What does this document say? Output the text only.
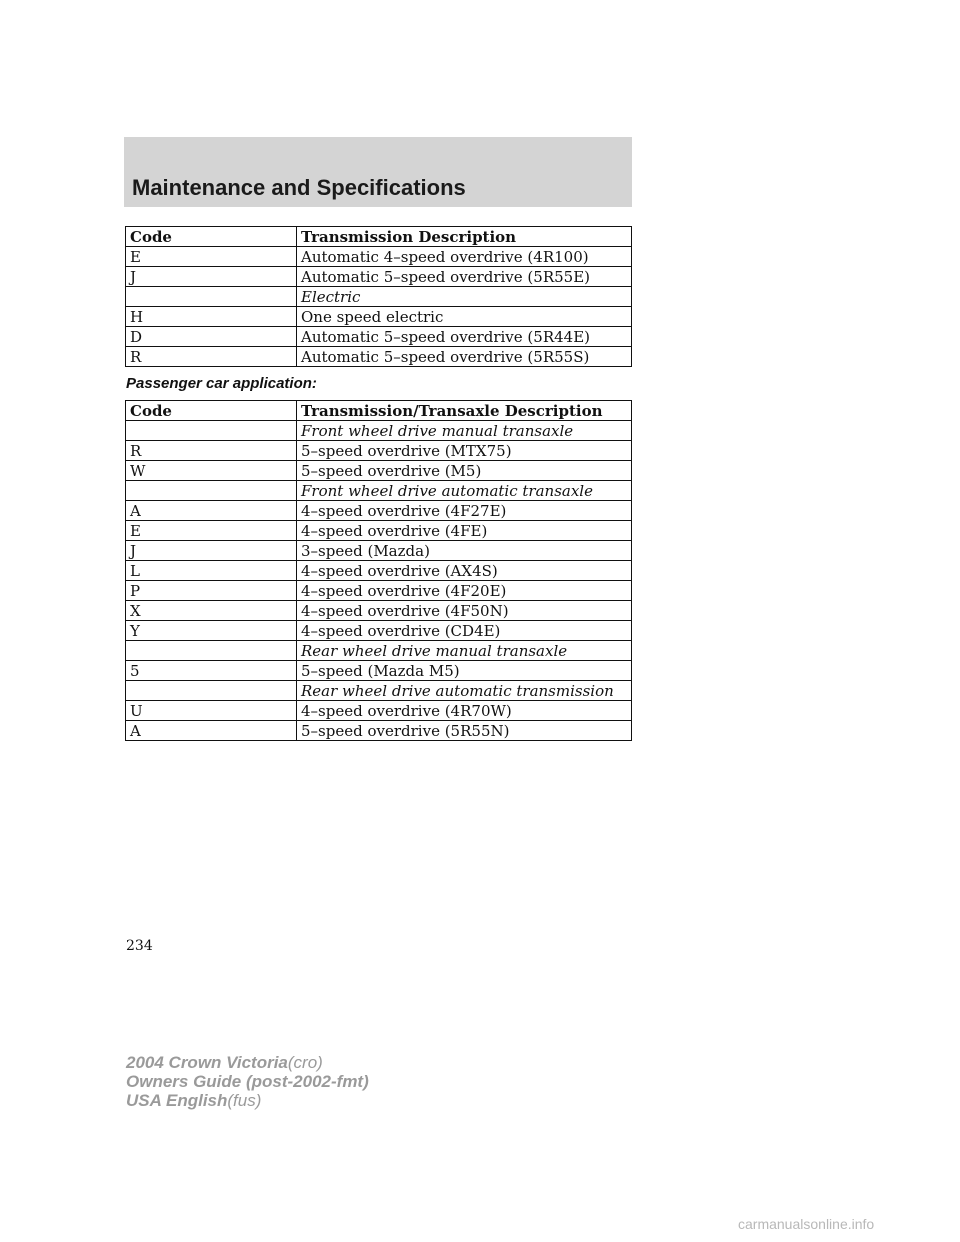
Maintenance and Specifications
Code	Transmission Description
E	Automatic 4–speed overdrive (4R100)
J	Automatic 5–speed overdrive (5R55E)
	Electric
H	One speed electric
D	Automatic 5–speed overdrive (5R44E)
R	Automatic 5–speed overdrive (5R55S)
Passenger car application:
Code	Transmission/Transaxle Description
	Front wheel drive manual transaxle
R	5–speed overdrive (MTX75)
W	5–speed overdrive (M5)
	Front wheel drive automatic transaxle
A	4–speed overdrive (4F27E)
E	4–speed overdrive (4FE)
J	3–speed (Mazda)
L	4–speed overdrive (AX4S)
P	4–speed overdrive (4F20E)
X	4–speed overdrive (4F50N)
Y	4–speed overdrive (CD4E)
	Rear wheel drive manual transaxle
5	5–speed (Mazda M5)
	Rear wheel drive automatic transmission
U	4–speed overdrive (4R70W)
A	5–speed overdrive (5R55N)
234
2004 Crown Victoria(cro)
Owners Guide (post-2002-fmt)
USA English(fus)
carmanualsonline.info
